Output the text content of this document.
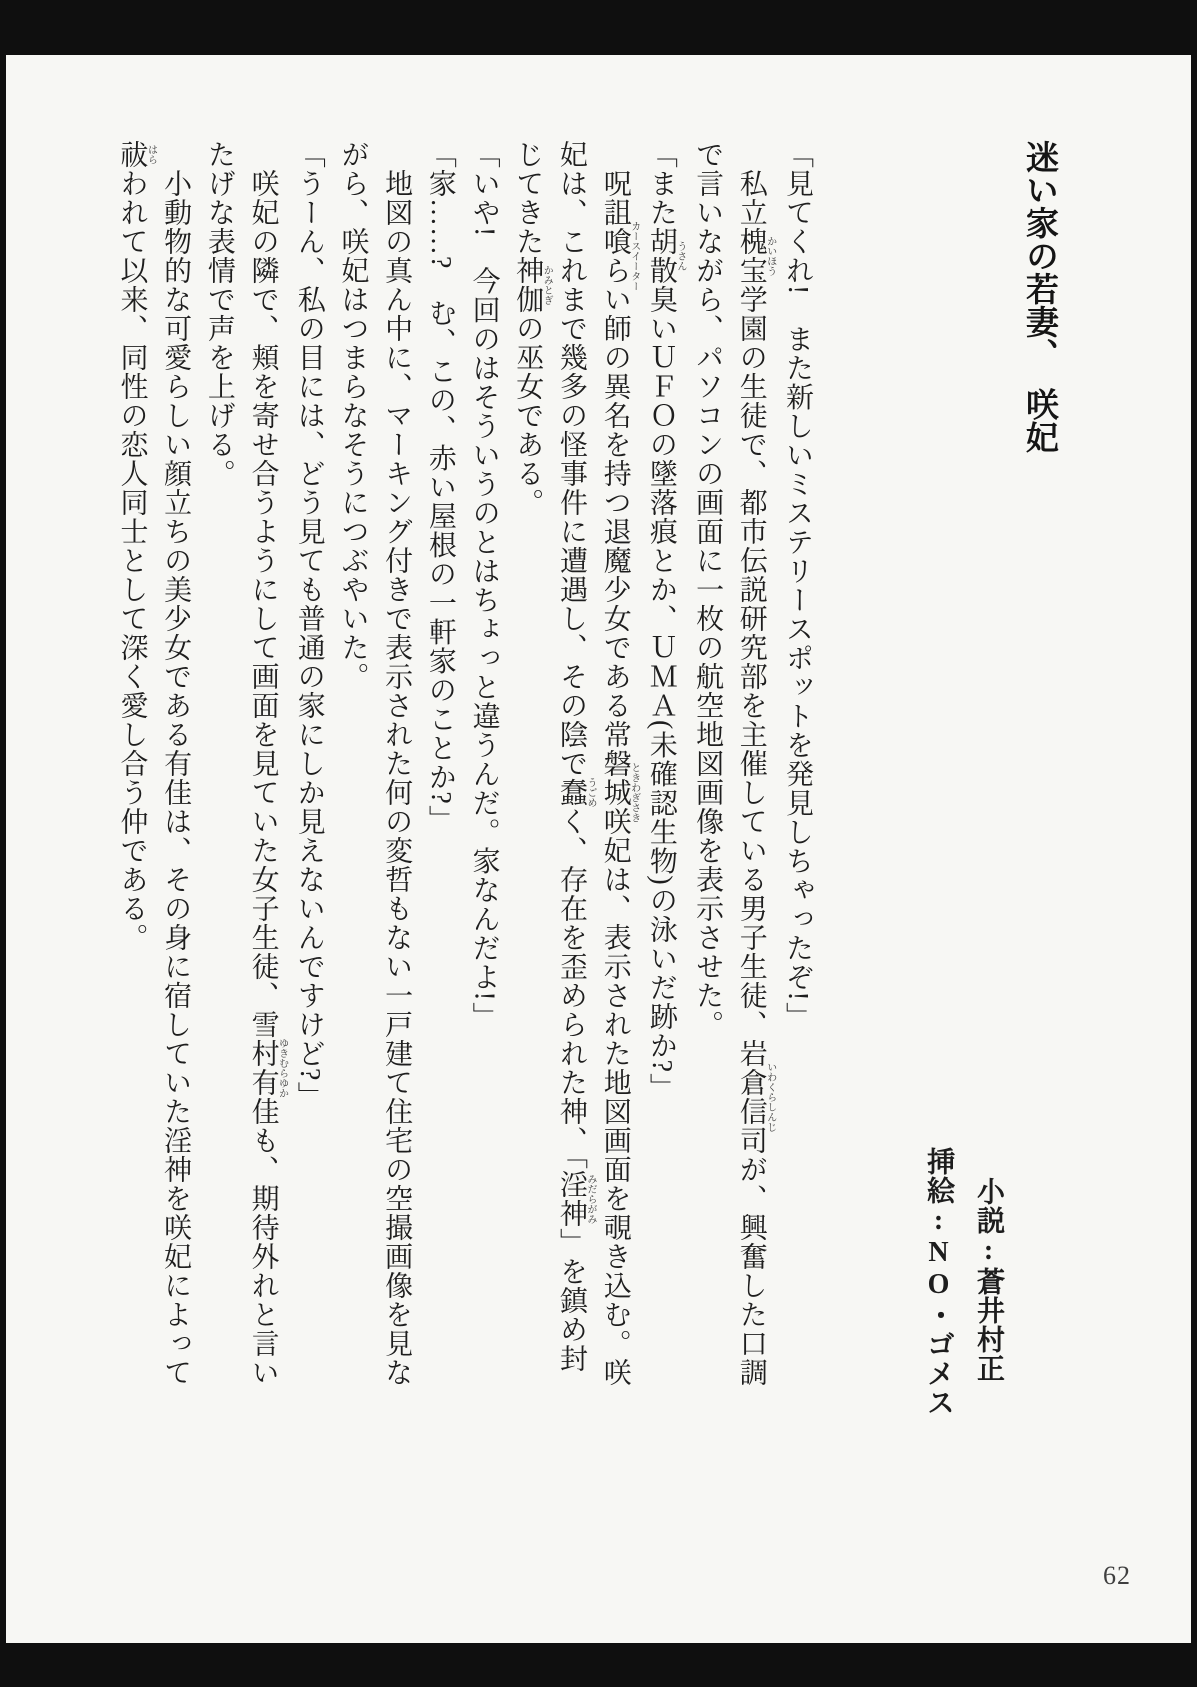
迷い家の若妻、　咲妃
小説:蒼井村正
挿絵:NO・ゴメス

「見てくれ!　また新しいミステリースポットを発見しちゃったぞ!」

　私立槐宝かいほう学園の生徒で、都市伝説研究部を主催している男子生徒、岩倉信司いわくらしんじが、興奮した口調で言いながら、パソコンの画面に一枚の航空地図画像を表示させた。

「また胡散うさん臭いＵＦＯの墜落痕とか、ＵＭＡ(未確認生物)の泳いだ跡か?」

　呪詛喰らい師カースイーターの異名を持つ退魔少女である常磐城咲妃ときわぎさきは、表示された地図画面を覗き込む。咲妃は、これまで幾多の怪事件に遭遇し、その陰で蠢うごめく、存在を歪められた神、「淫神みだらがみ」を鎮め封じてきた神伽かみとぎの巫女である。

「いや!　今回のはそういうのとはちょっと違うんだ。家なんだよ!」

「家……?　む、この、赤い屋根の一軒家のことか?」

　地図の真ん中に、マーキング付きで表示された何の変哲もない一戸建て住宅の空撮画像を見ながら、咲妃はつまらなそうにつぶやいた。

「うーん、私の目には、どう見ても普通の家にしか見えないんですけど?」

　咲妃の隣で、頬を寄せ合うようにして画面を見ていた女子生徒、雪村有佳ゆきむらゆかも、期待外れと言いたげな表情で声を上げる。

　小動物的な可愛らしい顔立ちの美少女である有佳は、その身に宿していた淫神を咲妃によって祓はらわれて以来、同性の恋人同士として深く愛し合う仲である。

62
